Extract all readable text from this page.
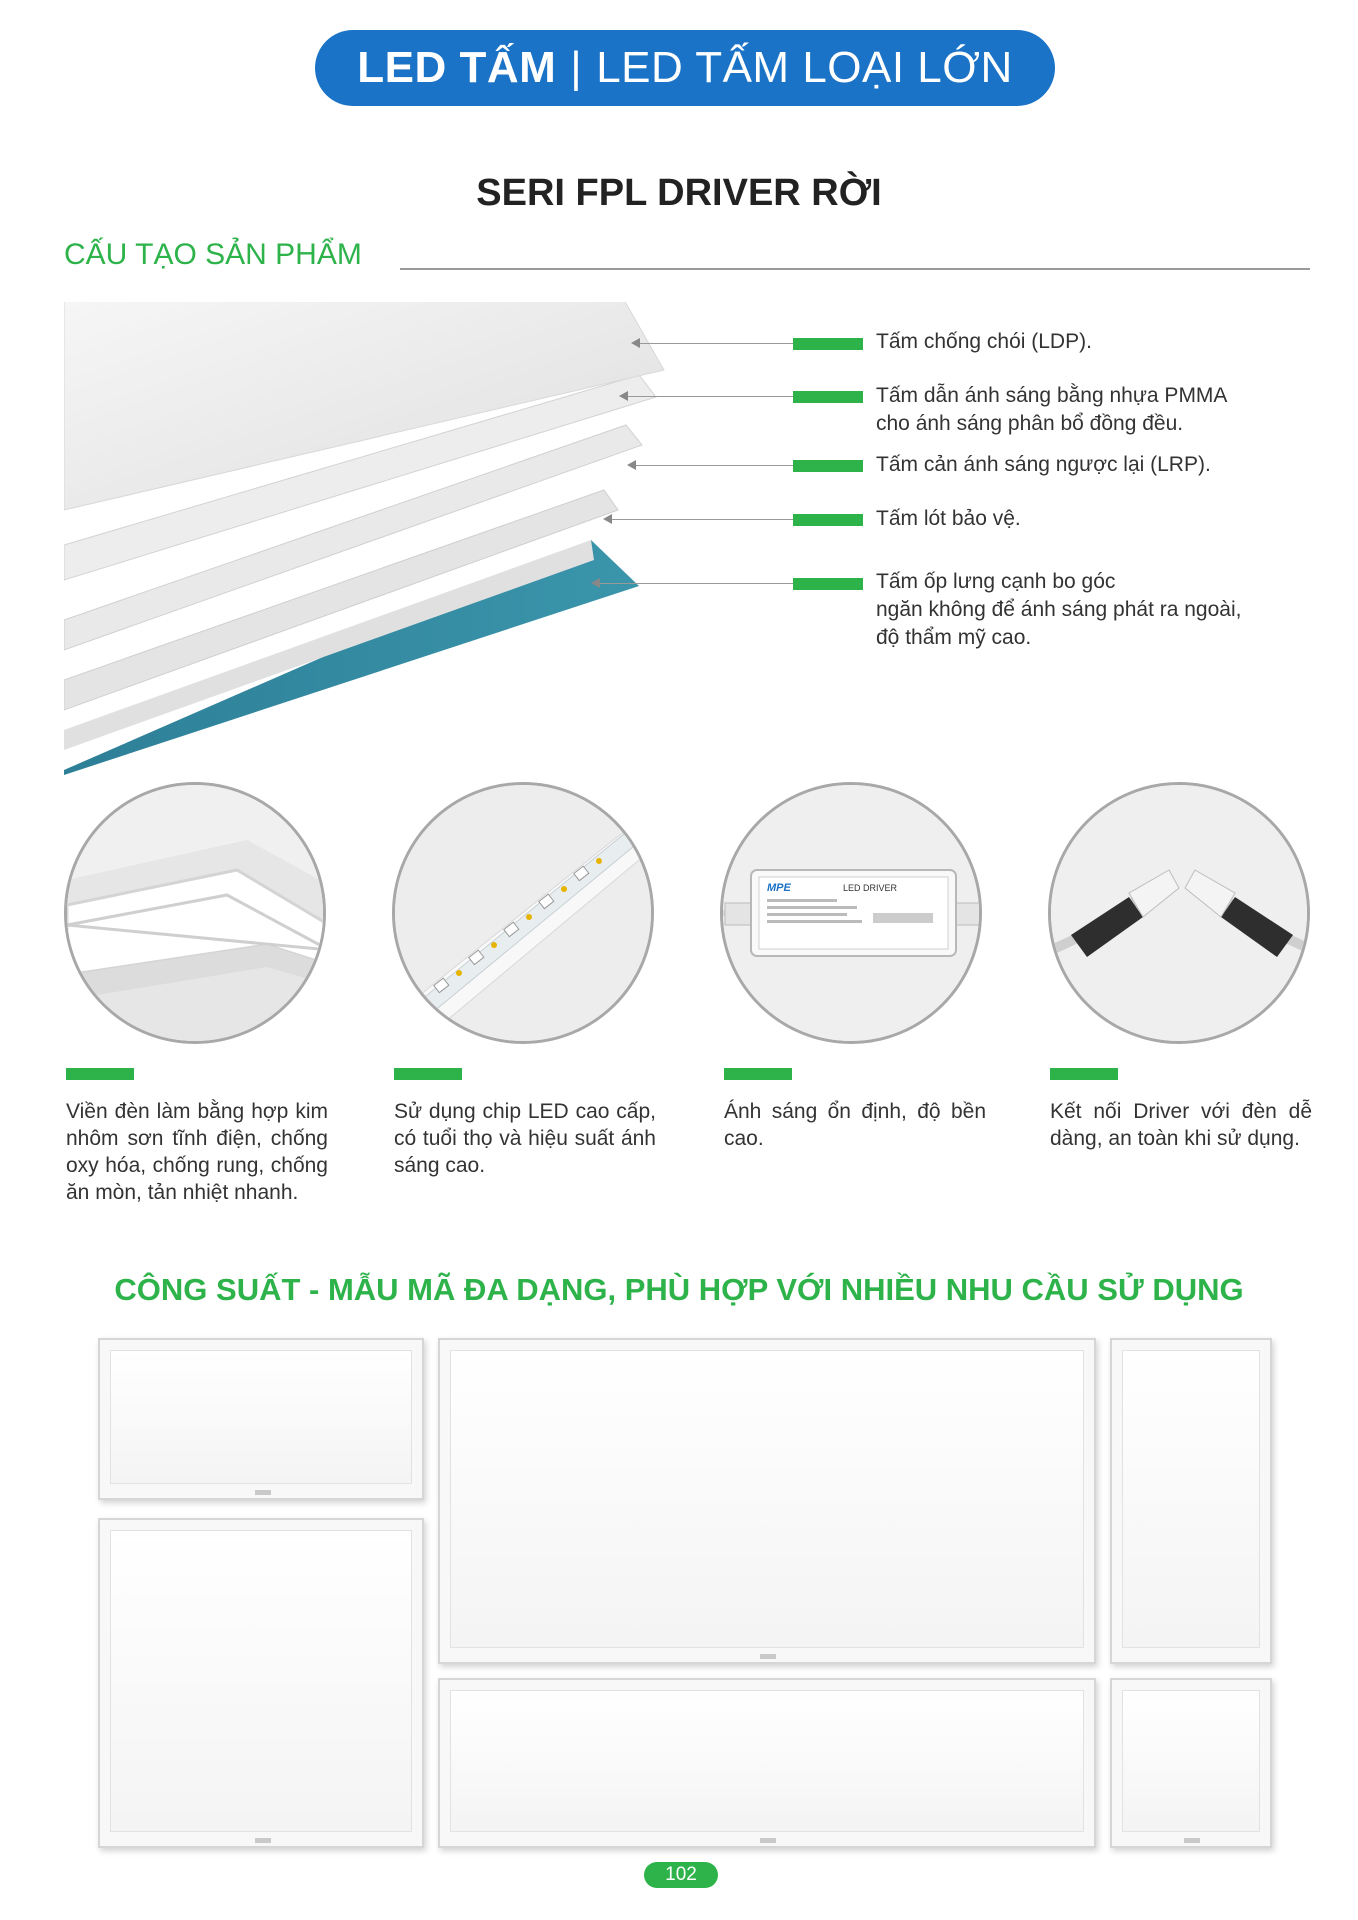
LED TẤM | LED TẤM LOẠI LỚN
SERI FPL DRIVER RỜI
CẤU TẠO SẢN PHẨM
Tấm chống chói (LDP).
Tấm dẫn ánh sáng bằng nhựa PMMA
cho ánh sáng phân bổ đồng đều.
Tấm cản ánh sáng ngược lại (LRP).
Tấm lót bảo vệ.
Tấm ốp lưng cạnh bo góc
ngăn không để ánh sáng phát ra ngoài,
độ thẩm mỹ cao.
MPE	LED DRIVER
Viền đèn làm bằng hợp kim nhôm sơn tĩnh điện, chống oxy hóa, chống rung, chống ăn mòn, tản nhiệt nhanh.
Sử dụng chip LED cao cấp, có tuổi thọ và hiệu suất ánh sáng cao.
Ánh sáng ổn định, độ bền cao.
Kết nối Driver với đèn dễ dàng, an toàn khi sử dụng.
CÔNG SUẤT - MẪU MÃ ĐA DẠNG, PHÙ HỢP VỚI NHIỀU NHU CẦU SỬ DỤNG
102
